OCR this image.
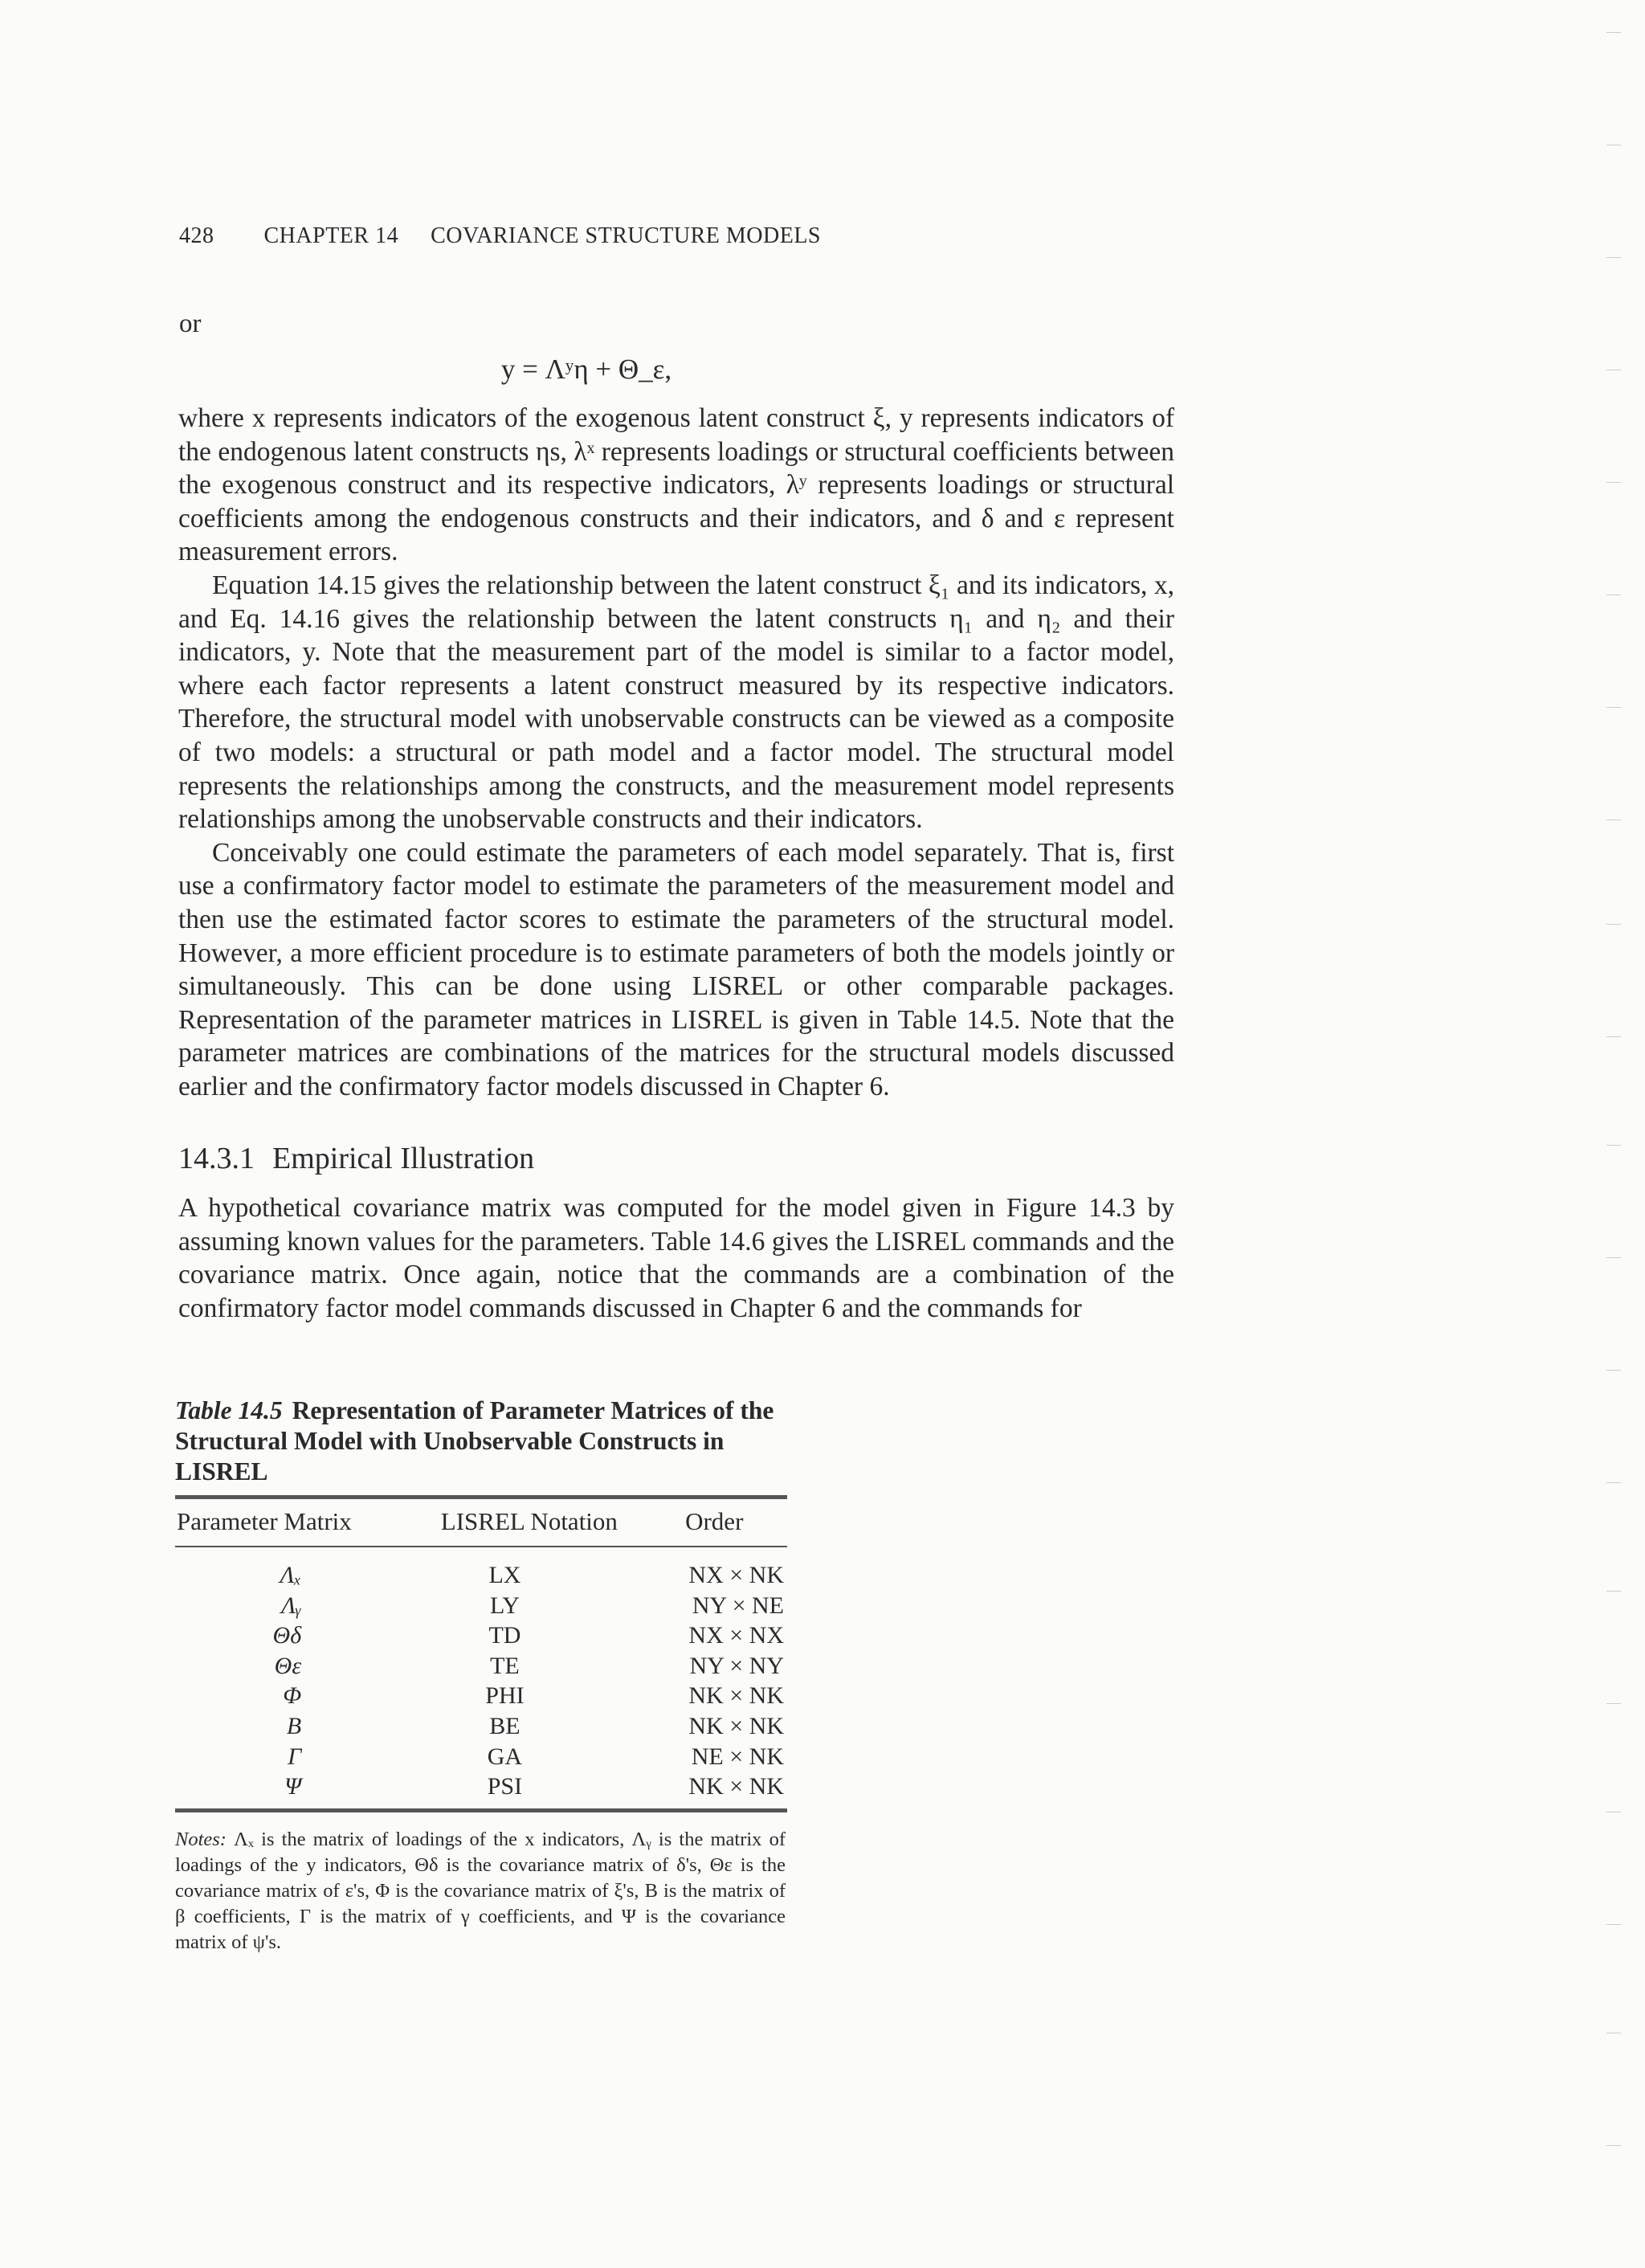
428 CHAPTER 14 COVARIANCE STRUCTURE MODELS
or
y = Λʸη + Θ_ε,

where x represents indicators of the exogenous latent construct ξ, y represents indicators of the endogenous latent constructs ηs, λˣ represents loadings or structural coefficients between the exogenous construct and its respective indicators, λʸ represents loadings or structural coefficients among the endogenous constructs and their indicators, and δ and ε represent measurement errors.

Equation 14.15 gives the relationship between the latent construct ξ₁ and its indicators, x, and Eq. 14.16 gives the relationship between the latent constructs η₁ and η₂ and their indicators, y. Note that the measurement part of the model is similar to a factor model, where each factor represents a latent construct measured by its respective indicators. Therefore, the structural model with unobservable constructs can be viewed as a composite of two models: a structural or path model and a factor model. The structural model represents the relationships among the constructs, and the measurement model represents relationships among the unobservable constructs and their indicators.

Conceivably one could estimate the parameters of each model separately. That is, first use a confirmatory factor model to estimate the parameters of the measurement model and then use the estimated factor scores to estimate the parameters of the structural model. However, a more efficient procedure is to estimate parameters of both the models jointly or simultaneously. This can be done using LISREL or other comparable packages. Representation of the parameter matrices in LISREL is given in Table 14.5. Note that the parameter matrices are combinations of the matrices for the structural models discussed earlier and the confirmatory factor models discussed in Chapter 6.

14.3.1 Empirical Illustration

A hypothetical covariance matrix was computed for the model given in Figure 14.3 by assuming known values for the parameters. Table 14.6 gives the LISREL commands and the covariance matrix. Once again, notice that the commands are a combination of the confirmatory factor model commands discussed in Chapter 6 and the commands for

Table 14.5 Representation of Parameter Matrices of the Structural Model with Unobservable Constructs in LISREL
Parameter Matrix	LISREL Notation	Order
Λₓ	LX	NX × NK
Λᵧ	LY	NY × NE
Θδ	TD	NX × NX
Θε	TE	NY × NY
Φ	PHI	NK × NK
Β	BE	NK × NK
Γ	GA	NE × NK
Ψ	PSI	NK × NK
Notes: Λₓ is the matrix of loadings of the x indicators, Λᵧ is the matrix of loadings of the y indicators, Θδ is the covariance matrix of δ's, Θε is the covariance matrix of ε's, Φ is the covariance matrix of ξ's, Β is the matrix of β coefficients, Γ is the matrix of γ coefficients, and Ψ is the covariance matrix of ψ's.
